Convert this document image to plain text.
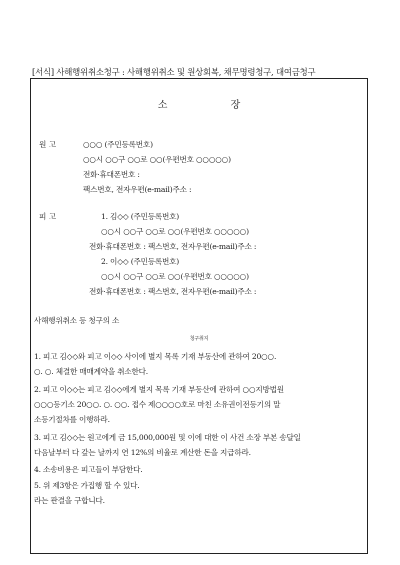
[서식] 사해행위취소청구 : 사해행위취소 및 원상회복, 채무명령청구, 대여금청구
소 장
원 고	○○○ (주민등록번호)
○○시 ○○구 ○○로 ○○(우편번호 ○○○○○)
전화·휴대폰번호 :
팩스번호, 전자우편(e-mail)주소 :
피 고	1. 김◇◇ (주민등록번호)
○○시 ○○구 ○○로 ○○(우편번호 ○○○○○)
전화·휴대폰번호 : 팩스번호, 전자우편(e-mail)주소 :
2. 이◇◇ (주민등록번호)
○○시 ○○구 ○○로 ○○(우편번호 ○○○○○)
전화·휴대폰번호 : 팩스번호, 전자우편(e-mail)주소 :
사해행위취소 등 청구의 소
청구취지
1. 피고 김◇◇와 피고 이◇◇ 사이에 별지 목록 기재 부동산에 관하여 20○○.
○. ○. 체결한 매매계약을 취소한다.
2. 피고 이◇◇는 피고 김◇◇에게 별지 목록 기재 부동산에 관하여 ○○지방법원
○○○등기소 20○○. ○. ○○. 접수 제○○○○호로 마친 소유권이전등기의 말
소등기절차를 이행하라.
3. 피고 김◇◇는 원고에게 금 15,000,000원 및 이에 대한 이 사건 소장 부본 송달일
다음날부터 다 갚는 날까지 연 12%의 비율로 계산한 돈을 지급하라.
4. 소송비용은 피고들이 부담한다.
5. 위 제3항은 가집행 할 수 있다.
라는 판결을 구합니다.
